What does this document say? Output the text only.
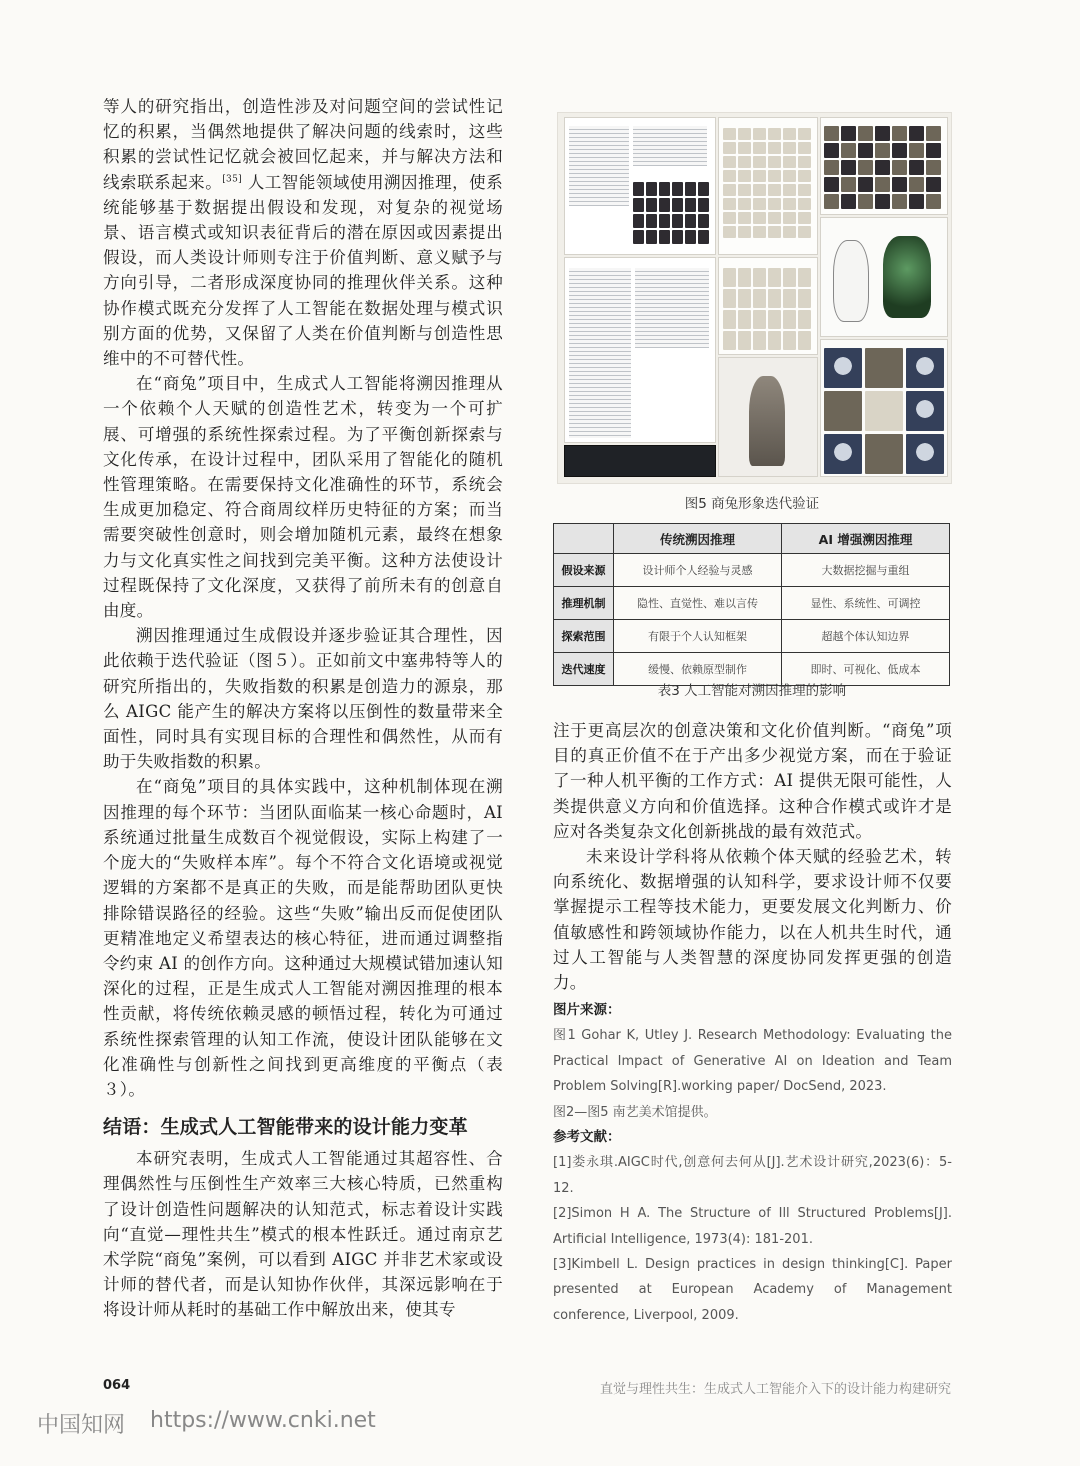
等人的研究指出，创造性涉及对问题空间的尝试性记忆的积累，当偶然地提供了解决问题的线索时，这些积累的尝试性记忆就会被回忆起来，并与解决方法和线索联系起来。[35] 人工智能领域使用溯因推理，使系统能够基于数据提出假设和发现，对复杂的视觉场景、语言模式或知识表征背后的潜在原因或因素提出假设，而人类设计师则专注于价值判断、意义赋予与方向引导，二者形成深度协同的推理伙伴关系。这种协作模式既充分发挥了人工智能在数据处理与模式识别方面的优势，又保留了人类在价值判断与创造性思维中的不可替代性。

在“商兔”项目中，生成式人工智能将溯因推理从一个依赖个人天赋的创造性艺术，转变为一个可扩展、可增强的系统性探索过程。为了平衡创新探索与文化传承，在设计过程中，团队采用了智能化的随机性管理策略。在需要保持文化准确性的环节，系统会生成更加稳定、符合商周纹样历史特征的方案；而当需要突破性创意时，则会增加随机元素，最终在想象力与文化真实性之间找到完美平衡。这种方法使设计过程既保持了文化深度，又获得了前所未有的创意自由度。

溯因推理通过生成假设并逐步验证其合理性，因此依赖于迭代验证（图５）。正如前文中塞弗特等人的研究所指出的，失败指数的积累是创造力的源泉，那么 AIGC 能产生的解决方案将以压倒性的数量带来全面性，同时具有实现目标的合理性和偶然性，从而有助于失败指数的积累。

在“商兔”项目的具体实践中，这种机制体现在溯因推理的每个环节：当团队面临某一核心命题时，AI 系统通过批量生成数百个视觉假设，实际上构建了一个庞大的“失败样本库”。每个不符合文化语境或视觉逻辑的方案都不是真正的失败，而是能帮助团队更快排除错误路径的经验。这些“失败”输出反而促使团队更精准地定义希望表达的核心特征，进而通过调整指令约束 AI 的创作方向。这种通过大规模试错加速认知深化的过程，正是生成式人工智能对溯因推理的根本性贡献，将传统依赖灵感的顿悟过程，转化为可通过系统性探索管理的认知工作流，使设计团队能够在文化准确性与创新性之间找到更高维度的平衡点（表３）。

结语：生成式人工智能带来的设计能力变革

本研究表明，生成式人工智能通过其超容性、合理偶然性与压倒性生产效率三大核心特质，已然重构了设计创造性问题解决的认知范式，标志着设计实践向“直觉—理性共生”模式的根本性跃迁。通过南京艺术学院“商兔”案例，可以看到 AIGC 并非艺术家或设计师的替代者，而是认知协作伙伴，其深远影响在于将设计师从耗时的基础工作中解放出来，使其专

图5 商兔形象迭代验证
	传统溯因推理	AI 增强溯因推理
假设来源	设计师个人经验与灵感	大数据挖掘与重组
推理机制	隐性、直觉性、难以言传	显性、系统性、可调控
探索范围	有限于个人认知框架	超越个体认知边界
迭代速度	缓慢、依赖原型制作	即时、可视化、低成本
表3 人工智能对溯因推理的影响

注于更高层次的创意决策和文化价值判断。“商兔”项目的真正价值不在于产出多少视觉方案，而在于验证了一种人机平衡的工作方式：AI 提供无限可能性，人类提供意义方向和价值选择。这种合作模式或许才是应对各类复杂文化创新挑战的最有效范式。

未来设计学科将从依赖个体天赋的经验艺术，转向系统化、数据增强的认知科学，要求设计师不仅要掌握提示工程等技术能力，更要发展文化判断力、价值敏感性和跨领域协作能力，以在人机共生时代，通过人工智能与人类智慧的深度协同发挥更强的创造力。

图片来源：
图1 Gohar K, Utley J. Research Methodology: Evaluating the Practical Impact of Generative AI on Ideation and Team Problem Solving[R].working paper/ DocSend, 2023.
图2—图5 南艺美术馆提供。
参考文献：
[1]娄永琪.AIGC时代,创意何去何从[J].艺术设计研究,2023(6)：5-12.
[2]Simon H A. The Structure of Ill Structured Problems[J]. Artificial Intelligence, 1973(4): 181-201.
[3]Kimbell L. Design practices in design thinking[C]. Paper presented at European Academy of Management conference, Liverpool, 2009.
064	直觉与理性共生：生成式人工智能介入下的设计能力构建研究
中国知网 https://www.cnki.net
